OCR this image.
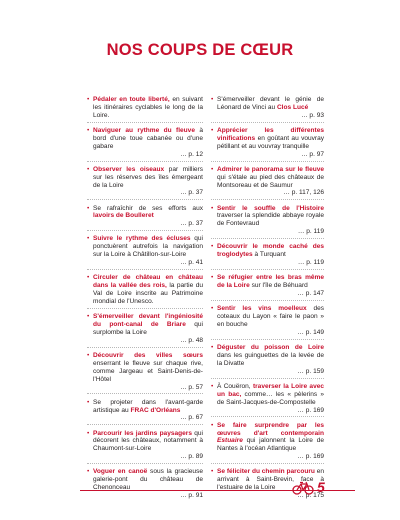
NOS COUPS DE CŒUR
• Pédaler en toute liberté, en suivant les itinéraires cyclables le long de la Loire.
• Naviguer au rythme du fleuve à bord d'une toue cabanée ou d'une gabare
… p. 12
• Observer les oiseaux par milliers sur les réserves des îles émergeant de la Loire
… p. 37
• Se rafraîchir de ses efforts aux lavoirs de Boulleret
… p. 37
• Suivre le rythme des écluses qui ponctuèrent autrefois la navigation sur la Loire à Châtillon-sur-Loire
… p. 41
• Circuler de château en château dans la vallée des rois, la partie du Val de Loire inscrite au Patrimoine mondial de l'Unesco.
• S'émerveiller devant l'ingéniosité du pont-canal de Briare qui surplombe la Loire
… p. 48
• Découvrir des villes sœurs enserrant le fleuve sur chaque rive, comme Jargeau et Saint-Denis-de-l'Hôtel
… p. 57
• Se projeter dans l'avant-garde artistique au FRAC d'Orléans
… p. 67
• Parcourir les jardins paysagers qui décorent les châteaux, notamment à Chaumont-sur-Loire
… p. 89
• Voguer en canoë sous la gracieuse galerie-pont du château de Chenonceau
… p. 91
• S'émerveiller devant le génie de Léonard de Vinci au Clos Lucé
… p. 93
• Apprécier les différentes vinifications en goûtant au vouvray pétillant et au vouvray tranquille
… p. 97
• Admirer le panorama sur le fleuve qui s'étale au pied des châteaux de Montsoreau et de Saumur
… p. 117, 126
• Sentir le souffle de l'Histoire traverser la splendide abbaye royale de Fontevraud
… p. 119
• Découvrir le monde caché des troglodytes à Turquant
… p. 119
• Se réfugier entre les bras même de la Loire sur l'île de Béhuard
… p. 147
• Sentir les vins moelleux des coteaux du Layon « faire le paon » en bouche
… p. 149
• Déguster du poisson de Loire dans les guinguettes de la levée de la Divatte
… p. 159
• À Couëron, traverser la Loire avec un bac, comme… les « pèlerins » de Saint-Jacques-de-Compostelle
… p. 169
• Se faire surprendre par les œuvres d'art contemporain Estuaire qui jalonnent la Loire de Nantes à l'océan Atlantique
… p. 169
• Se féliciter du chemin parcouru en arrivant à Saint-Brevin, face à l'estuaire de la Loire
… p. 175
5
